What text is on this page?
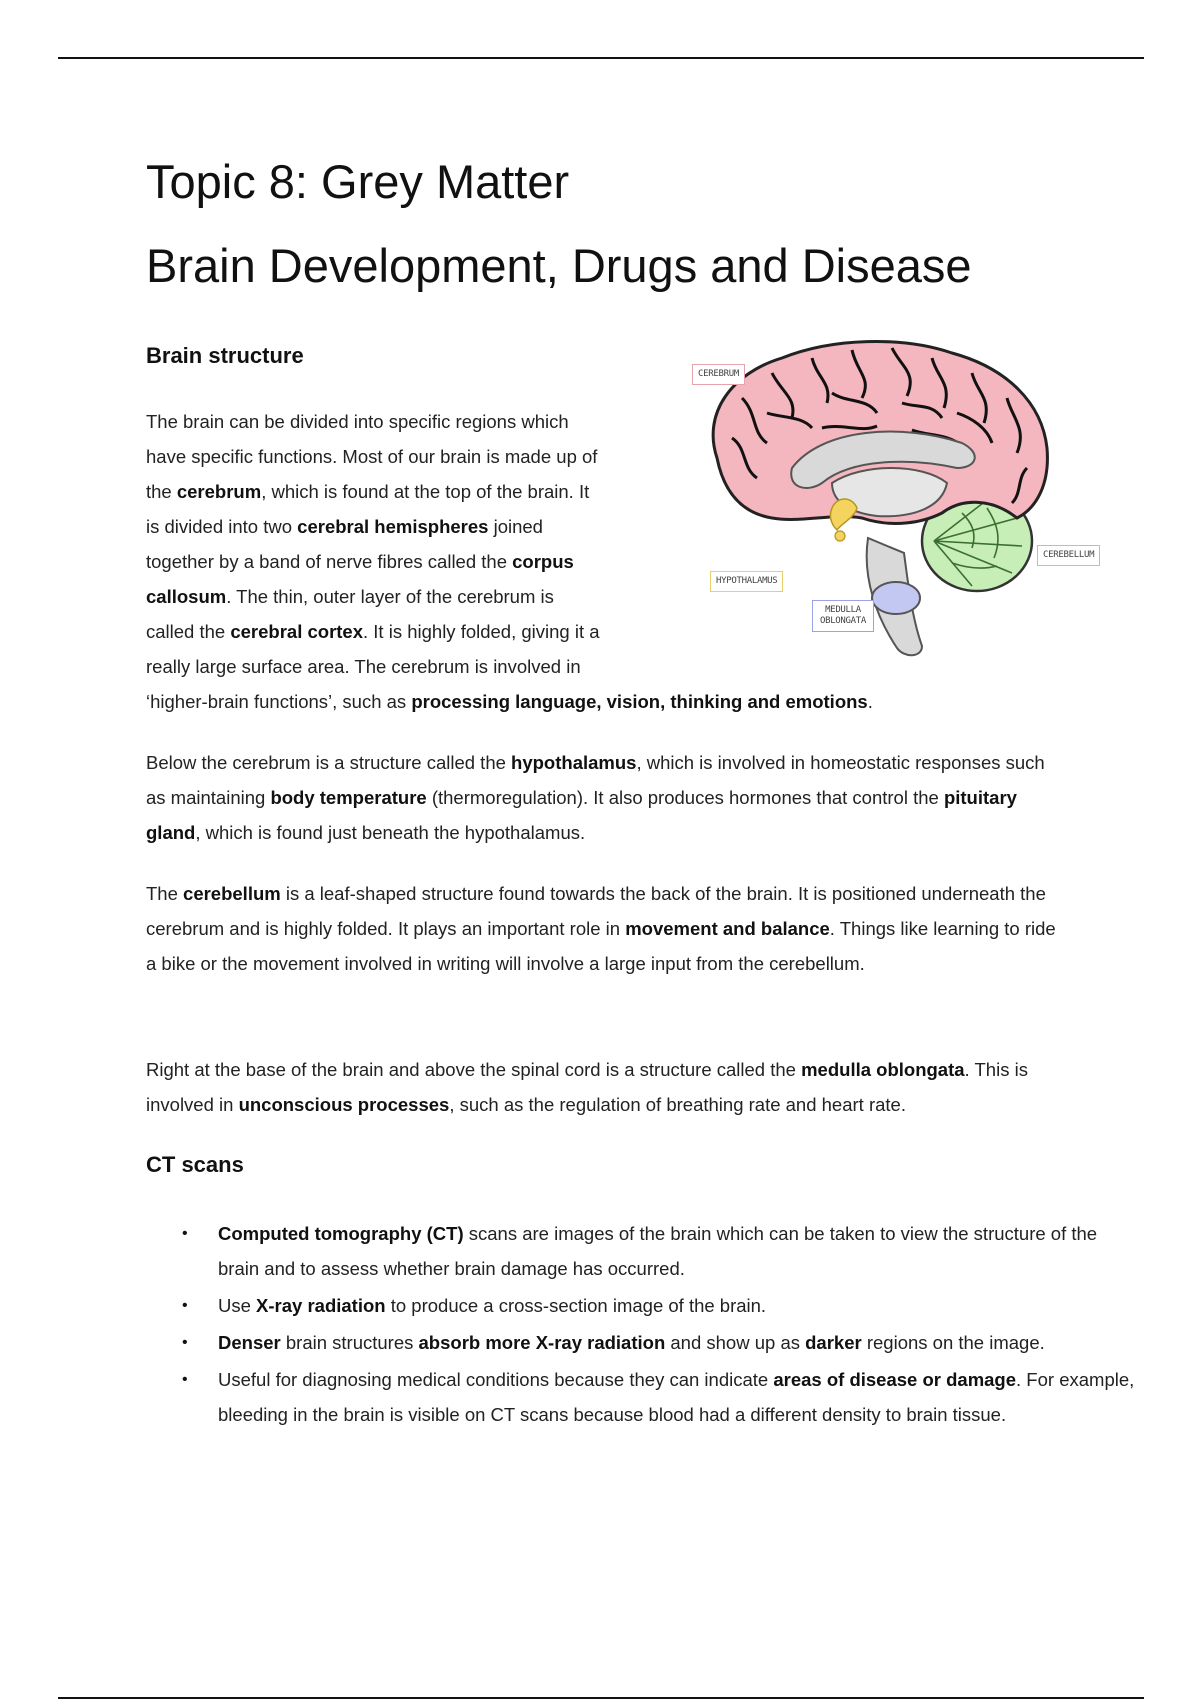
Topic 8: Grey Matter
Brain Development, Drugs and Disease
Brain structure

The brain can be divided into specific regions which
have specific functions. Most of our brain is made up of
the cerebrum, which is found at the top of the brain. It
is divided into two cerebral hemispheres joined
together by a band of nerve fibres called the corpus
callosum. The thin, outer layer of the cerebrum is
called the cerebral cortex. It is highly folded, giving it a
really large surface area. The cerebrum is involved in
‘higher-brain functions’, such as processing language, vision, thinking and emotions.

CEREBRUM
CEREBELLUM
HYPOTHALAMUS
MEDULLA OBLONGATA

Below the cerebrum is a structure called the hypothalamus, which is involved in homeostatic responses such as maintaining body temperature (thermoregulation). It also produces hormones that control the pituitary gland, which is found just beneath the hypothalamus.

The cerebellum is a leaf-shaped structure found towards the back of the brain. It is positioned underneath the cerebrum and is highly folded. It plays an important role in movement and balance. Things like learning to ride a bike or the movement involved in writing will involve a large input from the cerebellum.

Right at the base of the brain and above the spinal cord is a structure called the medulla oblongata. This is involved in unconscious processes, such as the regulation of breathing rate and heart rate.

CT scans
• Computed tomography (CT) scans are images of the brain which can be taken to view the structure of the brain and to assess whether brain damage has occurred.
• Use X-ray radiation to produce a cross-section image of the brain.
• Denser brain structures absorb more X-ray radiation and show up as darker regions on the image.
• Useful for diagnosing medical conditions because they can indicate areas of disease or damage. For example, bleeding in the brain is visible on CT scans because blood had a different density to brain tissue.
